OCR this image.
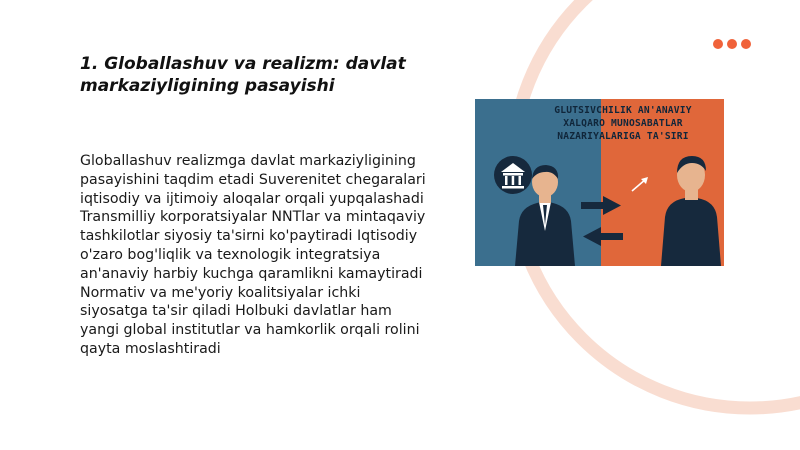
1. Globallashuv va realizm: davlat markaziyligining pasayishi

Globallashuv realizmga davlat markaziyligining pasayishini taqdim etadi Suverenitet chegaralari iqtisodiy va ijtimoiy aloqalar orqali yupqalashadi Transmilliy korporatsiyalar NNTlar va mintaqaviy tashkilotlar siyosiy ta'sirni ko'paytiradi Iqtisodiy o'zaro bog'liqlik va texnologik integratsiya an'anaviy harbiy kuchga qaramlikni kamaytiradi Normativ va me'yoriy koalitsiyalar ichki siyosatga ta'sir qiladi Holbuki davlatlar ham yangi global institutlar va hamkorlik orqali rolini qayta moslashtiradi

GLUTSIVCHILIK AN'ANAVIY
XALQARO MUNOSABATLAR
NAZARIYALARIGA TA'SIRI
